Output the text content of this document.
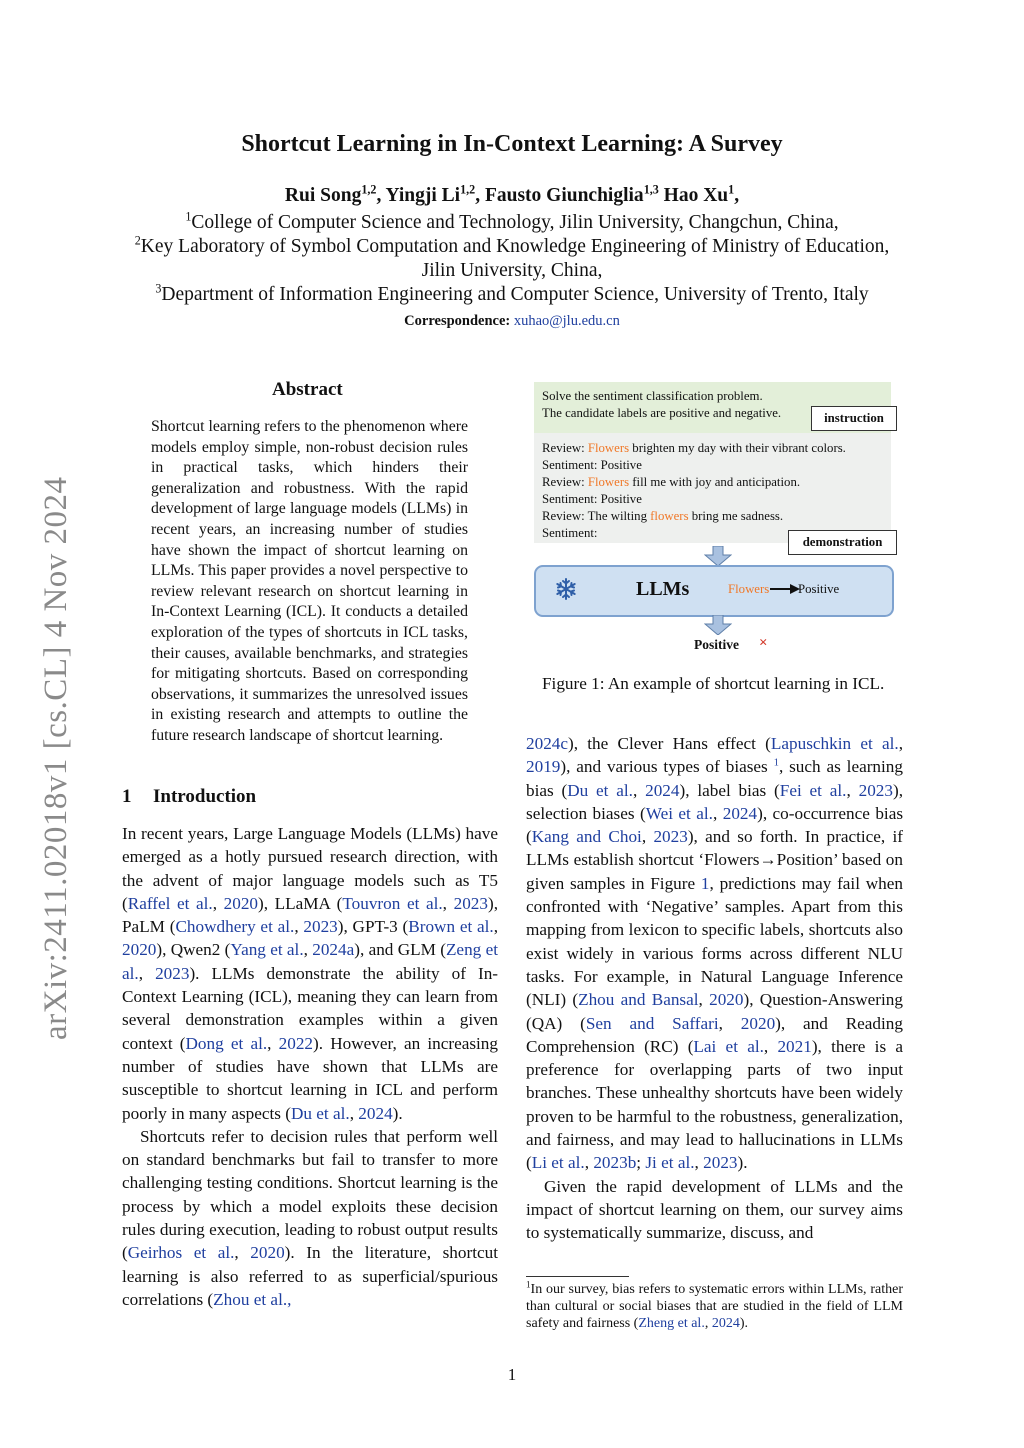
arXiv:2411.02018v1 [cs.CL] 4 Nov 2024
Shortcut Learning in In-Context Learning: A Survey
Rui Song$^{1,2}$, Yingji Li$^{1,2}$, Fausto Giunchiglia$^{1,3}$ Hao Xu$^1$,
$^1$College of Computer Science and Technology, Jilin University, Changchun, China,
$^2$Key Laboratory of Symbol Computation and Knowledge Engineering of Ministry of Education,
Jilin University, China,
$^3$Department of Information Engineering and Computer Science, University of Trento, Italy
Correspondence: xuhao@jlu.edu.cn
Abstract
Shortcut learning refers to the phenomenon where models employ simple, non-robust decision rules in practical tasks, which hinders their generalization and robustness. With the rapid development of large language models (LLMs) in recent years, an increasing number of studies have shown the impact of shortcut learning on LLMs. This paper provides a novel perspective to review relevant research on shortcut learning in In-Context Learning (ICL). It conducts a detailed exploration of the types of shortcuts in ICL tasks, their causes, available benchmarks, and strategies for mitigating shortcuts. Based on corresponding observations, it summarizes the unresolved issues in existing research and attempts to outline the future research landscape of shortcut learning.
1 Introduction

In recent years, Large Language Models (LLMs) have emerged as a hotly pursued research direction, with the advent of major language models such as T5 (Raffel et al., 2020), LLaMA (Touvron et al., 2023), PaLM (Chowdhery et al., 2023), GPT-3 (Brown et al., 2020), Qwen2 (Yang et al., 2024a), and GLM (Zeng et al., 2023). LLMs demonstrate the ability of In-Context Learning (ICL), meaning they can learn from several demonstration examples within a given context (Dong et al., 2022). However, an increasing number of studies have shown that LLMs are susceptible to shortcut learning in ICL and perform poorly in many aspects (Du et al., 2024).

Shortcuts refer to decision rules that perform well on standard benchmarks but fail to transfer to more challenging testing conditions. Shortcut learning is the process by which a model exploits these decision rules during execution, leading to robust output results (Geirhos et al., 2020). In the literature, shortcut learning is also referred to as superficial/spurious correlations (Zhou et al.,

2024c), the Clever Hans effect (Lapuschkin et al., 2019), and various types of biases $^1$, such as learning bias (Du et al., 2024), label bias (Fei et al., 2023), selection biases (Wei et al., 2024), co-occurrence bias (Kang and Choi, 2023), and so forth. In practice, if LLMs establish shortcut ‘Flowers→Position’ based on given samples in Figure 1, predictions may fail when confronted with ‘Negative’ samples. Apart from this mapping from lexicon to specific labels, shortcuts also exist widely in various forms across different NLU tasks. For example, in Natural Language Inference (NLI) (Zhou and Bansal, 2020), Question-Answering (QA) (Sen and Saffari, 2020), and Reading Comprehension (RC) (Lai et al., 2021), there is a preference for overlapping parts of two input branches. These unhealthy shortcuts have been widely proven to be harmful to the robustness, generalization, and fairness, and may lead to hallucinations in LLMs (Li et al., 2023b; Ji et al., 2023).

Given the rapid development of LLMs and the impact of shortcut learning on them, our survey aims to systematically summarize, discuss, and

Solve the sentiment classification problem.
The candidate labels are positive and negative.	instruction
Review: Flowers brighten my day with their vibrant colors.
Sentiment: Positive
Review: Flowers fill me with joy and anticipation.
Sentiment: Positive
Review: The wilting flowers bring me sadness.
Sentiment:
demonstration
LLMs	Flowers Positive
Positive ×
Figure 1: An example of shortcut learning in ICL.
$^1$In our survey, bias refers to systematic errors within LLMs, rather than cultural or social biases that are studied in the field of LLM safety and fairness (Zheng et al., 2024).
1
